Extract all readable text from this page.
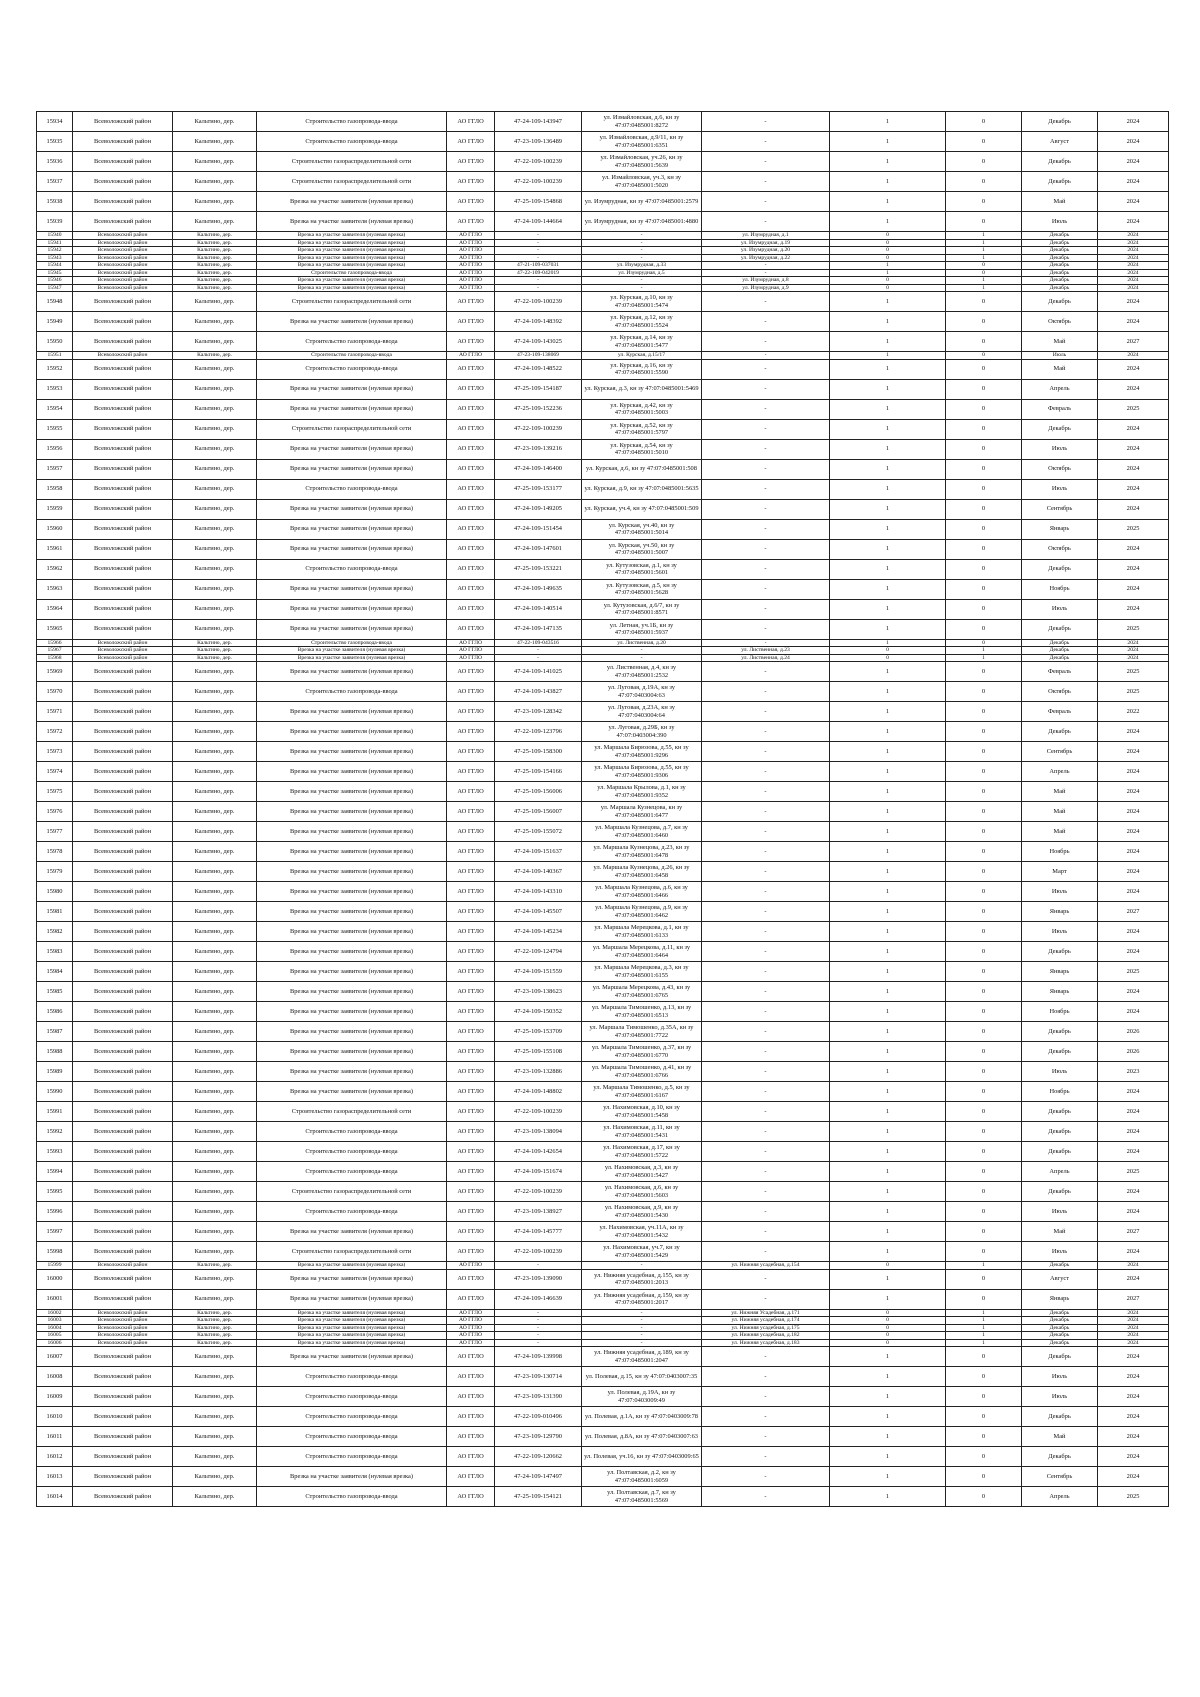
15934	Всеволожский район	Кальтино, дер.	Строительство газопровода-ввода	АО ГГЛО	47-24-109-143947	ул. Измайловская, д.6, кн зу 47:07:0485001:8272	-	1	0	Декабрь	2024
15935	Всеволожский район	Кальтино, дер.	Строительство газопровода-ввода	АО ГГЛО	47-23-109-136489	ул. Измайловская, д.9/11, кн зу 47:07:0485001:6351	-	1	0	Август	2024
15936	Всеволожский район	Кальтино, дер.	Строительство газораспределительной сети	АО ГГЛО	47-22-109-100239	ул. Измайловская, уч.26, кн зу 47:07:0485001:5639	-	1	0	Декабрь	2024
15937	Всеволожский район	Кальтино, дер.	Строительство газораспределительной сети	АО ГГЛО	47-22-109-100239	ул. Измайловская, уч.3, кн зу 47:07:0485001:5020	-	1	0	Декабрь	2024
15938	Всеволожский район	Кальтино, дер.	Врезка на участке заявителя (нулевая врезка)	АО ГГЛО	47-25-109-154868	ул. Изумрудная, кн зу 47:07:0485001:2579	-	1	0	Май	2024
15939	Всеволожский район	Кальтино, дер.	Врезка на участке заявителя (нулевая врезка)	АО ГГЛО	47-24-109-144664	ул. Изумрудная, кн зу 47:07:0485001:4880	-	1	0	Июль	2024
15940	Всеволожский район	Кальтино, дер.	Врезка на участке заявителя (нулевая врезка)	АО ГГЛО	-	-	ул. Изумрудная, д.1	0	1	Декабрь	2024
15941	Всеволожский район	Кальтино, дер.	Врезка на участке заявителя (нулевая врезка)	АО ГГЛО	-	-	ул. Изумрудная, д.19	0	1	Декабрь	2024
15942	Всеволожский район	Кальтино, дер.	Врезка на участке заявителя (нулевая врезка)	АО ГГЛО	-	-	ул. Изумрудная, д.20	0	1	Декабрь	2024
15943	Всеволожский район	Кальтино, дер.	Врезка на участке заявителя (нулевая врезка)	АО ГГЛО	-	-	ул. Изумрудная, д.22	0	1	Декабрь	2024
15944	Всеволожский район	Кальтино, дер.	Врезка на участке заявителя (нулевая врезка)	АО ГГЛО	47-21-109-037031	ул. Изумрудная, д.33	-	1	0	Декабрь	2024
15945	Всеволожский район	Кальтино, дер.	Строительство газопровода-ввода	АО ГГЛО	47-22-109-042019	ул. Изумрудная, д.5	-	1	0	Декабрь	2024
15946	Всеволожский район	Кальтино, дер.	Врезка на участке заявителя (нулевая врезка)	АО ГГЛО	-	-	ул. Изумрудная, д.8	0	1	Декабрь	2024
15947	Всеволожский район	Кальтино, дер.	Врезка на участке заявителя (нулевая врезка)	АО ГГЛО	-	-	ул. Изумрудная, д.9	0	1	Декабрь	2024
15948	Всеволожский район	Кальтино, дер.	Строительство газораспределительной сети	АО ГГЛО	47-22-109-100239	ул. Курская, д.10, кн зу 47:07:0485001:5474	-	1	0	Декабрь	2024
15949	Всеволожский район	Кальтино, дер.	Врезка на участке заявителя (нулевая врезка)	АО ГГЛО	47-24-109-148392	ул. Курская, д.12, кн зу 47:07:0485001:5524	-	1	0	Октябрь	2024
15950	Всеволожский район	Кальтино, дер.	Строительство газопровода-ввода	АО ГГЛО	47-24-109-143025	ул. Курская, д.14, кн зу 47:07:0485001:5477	-	1	0	Май	2027
15951	Всеволожский район	Кальтино, дер.	Строительство газопровода-ввода	АО ГГЛО	47-23-109-138069	ул. Курская, д.15/17	-	1	0	Июль	2024
15952	Всеволожский район	Кальтино, дер.	Строительство газопровода-ввода	АО ГГЛО	47-24-109-148522	ул. Курская, д.16, кн зу 47:07:0485001:5590	-	1	0	Май	2024
15953	Всеволожский район	Кальтино, дер.	Врезка на участке заявителя (нулевая врезка)	АО ГГЛО	47-25-109-154187	ул. Курская, д.3, кн зу 47:07:0485001:5469	-	1	0	Апрель	2024
15954	Всеволожский район	Кальтино, дер.	Врезка на участке заявителя (нулевая врезка)	АО ГГЛО	47-25-109-152236	ул. Курская, д.42, кн зу 47:07:0485001:5003	-	1	0	Февраль	2025
15955	Всеволожский район	Кальтино, дер.	Строительство газораспределительной сети	АО ГГЛО	47-22-109-100239	ул. Курская, д.52, кн зу 47:07:0485001:5797	-	1	0	Декабрь	2024
15956	Всеволожский район	Кальтино, дер.	Врезка на участке заявителя (нулевая врезка)	АО ГГЛО	47-23-109-139216	ул. Курская, д.54, кн зу 47:07:0485001:5010	-	1	0	Июль	2024
15957	Всеволожский район	Кальтино, дер.	Врезка на участке заявителя (нулевая врезка)	АО ГГЛО	47-24-109-146400	ул. Курская, д.6, кн зу 47:07:0485001:508	-	1	0	Октябрь	2024
15958	Всеволожский район	Кальтино, дер.	Строительство газопровода-ввода	АО ГГЛО	47-25-109-153177	ул. Курская, д.9, кн зу 47:07:0485001:5635	-	1	0	Июль	2024
15959	Всеволожский район	Кальтино, дер.	Врезка на участке заявителя (нулевая врезка)	АО ГГЛО	47-24-109-149205	ул. Курская, уч.4, кн зу 47:07:0485001:509	-	1	0	Сентябрь	2024
15960	Всеволожский район	Кальтино, дер.	Врезка на участке заявителя (нулевая врезка)	АО ГГЛО	47-24-109-151454	ул. Курская, уч.40, кн зу 47:07:0485001:5014	-	1	0	Январь	2025
15961	Всеволожский район	Кальтино, дер.	Врезка на участке заявителя (нулевая врезка)	АО ГГЛО	47-24-109-147601	ул. Курская, уч.50, кн зу 47:07:0485001:5007	-	1	0	Октябрь	2024
15962	Всеволожский район	Кальтино, дер.	Строительство газопровода-ввода	АО ГГЛО	47-25-109-153221	ул. Кутузовская, д.1, кн зу 47:07:0485001:5601	-	1	0	Декабрь	2024
15963	Всеволожский район	Кальтино, дер.	Врезка на участке заявителя (нулевая врезка)	АО ГГЛО	47-24-109-149635	ул. Кутузовская, д.5, кн зу 47:07:0485001:5628	-	1	0	Ноябрь	2024
15964	Всеволожский район	Кальтино, дер.	Врезка на участке заявителя (нулевая врезка)	АО ГГЛО	47-24-109-140514	ул. Кутузовская, д.6/7, кн зу 47:07:0485001:8571	-	1	0	Июль	2024
15965	Всеволожский район	Кальтино, дер.	Врезка на участке заявителя (нулевая врезка)	АО ГГЛО	47-24-109-147135	ул. Летная, уч.1Б, кн зу 47:07:0485001:5937	-	1	0	Декабрь	2025
15966	Всеволожский район	Кальтино, дер.	Строительство газопровода-ввода	АО ГГЛО	47-22-109-043516	ул. Лиственная, д.20	-	1	0	Декабрь	2024
15967	Всеволожский район	Кальтино, дер.	Врезка на участке заявителя (нулевая врезка)	АО ГГЛО	-	-	ул. Лиственная, д.23	0	1	Декабрь	2024
15968	Всеволожский район	Кальтино, дер.	Врезка на участке заявителя (нулевая врезка)	АО ГГЛО	-	-	ул. Лиственная, д.24	0	1	Декабрь	2024
15969	Всеволожский район	Кальтино, дер.	Врезка на участке заявителя (нулевая врезка)	АО ГГЛО	47-24-109-141025	ул. Лиственная, д.4, кн зу 47:07:0485001:2532	-	1	0	Февраль	2025
15970	Всеволожский район	Кальтино, дер.	Строительство газопровода-ввода	АО ГГЛО	47-24-109-143827	ул. Луговая, д.19А, кн зу 47:07:0403004:63	-	1	0	Октябрь	2025
15971	Всеволожский район	Кальтино, дер.	Врезка на участке заявителя (нулевая врезка)	АО ГГЛО	47-23-109-128342	ул. Луговая, д.23А, кн зу 47:07:0403004:64	-	1	0	Февраль	2022
15972	Всеволожский район	Кальтино, дер.	Врезка на участке заявителя (нулевая врезка)	АО ГГЛО	47-22-109-123796	ул. Луговая, д.29Б, кн зу 47:07:0403004:390	-	1	0	Декабрь	2024
15973	Всеволожский район	Кальтино, дер.	Врезка на участке заявителя (нулевая врезка)	АО ГГЛО	47-25-109-158300	ул. Маршала Бирюзова, д.55, кн зу 47:07:0485001:9296	-	1	0	Сентябрь	2024
15974	Всеволожский район	Кальтино, дер.	Врезка на участке заявителя (нулевая врезка)	АО ГГЛО	47-25-109-154166	ул. Маршала Бирюзова, д.55, кн зу 47:07:0485001:9306	-	1	0	Апрель	2024
15975	Всеволожский район	Кальтино, дер.	Врезка на участке заявителя (нулевая врезка)	АО ГГЛО	47-25-109-156006	ул. Маршала Крылова, д.1, кн зу 47:07:0485001:9352	-	1	0	Май	2024
15976	Всеволожский район	Кальтино, дер.	Врезка на участке заявителя (нулевая врезка)	АО ГГЛО	47-25-109-156007	ул. Маршала Кузнецова, кн зу 47:07:0485001:6477	-	1	0	Май	2024
15977	Всеволожский район	Кальтино, дер.	Врезка на участке заявителя (нулевая врезка)	АО ГГЛО	47-25-109-155072	ул. Маршала Кузнецова, д.7, кн зу 47:07:0485001:6460	-	1	0	Май	2024
15978	Всеволожский район	Кальтино, дер.	Врезка на участке заявителя (нулевая врезка)	АО ГГЛО	47-24-109-151637	ул. Маршала Кузнецова, д.23, кн зу 47:07:0485001:6478	-	1	0	Ноябрь	2024
15979	Всеволожский район	Кальтино, дер.	Врезка на участке заявителя (нулевая врезка)	АО ГГЛО	47-24-109-140367	ул. Маршала Кузнецова, д.26, кн зу 47:07:0485001:6458	-	1	0	Март	2024
15980	Всеволожский район	Кальтино, дер.	Врезка на участке заявителя (нулевая врезка)	АО ГГЛО	47-24-109-143310	ул. Маршала Кузнецова, д.6, кн зу 47:07:0485001:6466	-	1	0	Июль	2024
15981	Всеволожский район	Кальтино, дер.	Врезка на участке заявителя (нулевая врезка)	АО ГГЛО	47-24-109-145507	ул. Маршала Кузнецова, д.9, кн зу 47:07:0485001:6462	-	1	0	Январь	2027
15982	Всеволожский район	Кальтино, дер.	Врезка на участке заявителя (нулевая врезка)	АО ГГЛО	47-24-109-145234	ул. Маршала Мерецкова, д.1, кн зу 47:07:0485001:6133	-	1	0	Июль	2024
15983	Всеволожский район	Кальтино, дер.	Врезка на участке заявителя (нулевая врезка)	АО ГГЛО	47-22-109-124794	ул. Маршала Мерецкова, д.11, кн зу 47:07:0485001:6464	-	1	0	Декабрь	2024
15984	Всеволожский район	Кальтино, дер.	Врезка на участке заявителя (нулевая врезка)	АО ГГЛО	47-24-109-151559	ул. Маршала Мерецкова, д.3, кн зу 47:07:0485001:6155	-	1	0	Январь	2025
15985	Всеволожский район	Кальтино, дер.	Врезка на участке заявителя (нулевая врезка)	АО ГГЛО	47-23-109-138623	ул. Маршала Мерецкова, д.43, кн зу 47:07:0485001:6765	-	1	0	Январь	2024
15986	Всеволожский район	Кальтино, дер.	Врезка на участке заявителя (нулевая врезка)	АО ГГЛО	47-24-109-150352	ул. Маршала Тимошенко, д.13, кн зу 47:07:0485001:6513	-	1	0	Ноябрь	2024
15987	Всеволожский район	Кальтино, дер.	Врезка на участке заявителя (нулевая врезка)	АО ГГЛО	47-25-109-153709	ул. Маршала Тимошенко, д.35А, кн зу 47:07:0485001:7722	-	1	0	Декабрь	2026
15988	Всеволожский район	Кальтино, дер.	Врезка на участке заявителя (нулевая врезка)	АО ГГЛО	47-25-109-155108	ул. Маршала Тимошенко, д.37, кн зу 47:07:0485001:6770	-	1	0	Декабрь	2026
15989	Всеволожский район	Кальтино, дер.	Врезка на участке заявителя (нулевая врезка)	АО ГГЛО	47-23-109-132886	ул. Маршала Тимошенко, д.41, кн зу 47:07:0485001:6766	-	1	0	Июль	2023
15990	Всеволожский район	Кальтино, дер.	Врезка на участке заявителя (нулевая врезка)	АО ГГЛО	47-24-109-148802	ул. Маршала Тимошенко, д.5, кн зу 47:07:0485001:6167	-	1	0	Ноябрь	2024
15991	Всеволожский район	Кальтино, дер.	Строительство газораспределительной сети	АО ГГЛО	47-22-109-100239	ул. Нахимовская, д.10, кн зу 47:07:0485001:5458	-	1	0	Декабрь	2024
15992	Всеволожский район	Кальтино, дер.	Строительство газопровода-ввода	АО ГГЛО	47-23-109-138094	ул. Нахимовская, д.11, кн зу 47:07:0485001:5431	-	1	0	Декабрь	2024
15993	Всеволожский район	Кальтино, дер.	Строительство газопровода-ввода	АО ГГЛО	47-24-109-142654	ул. Нахимовская, д.17, кн зу 47:07:0485001:5722	-	1	0	Декабрь	2024
15994	Всеволожский район	Кальтино, дер.	Строительство газопровода-ввода	АО ГГЛО	47-24-109-151674	ул. Нахимовская, д.3, кн зу 47:07:0485001:5427	-	1	0	Апрель	2025
15995	Всеволожский район	Кальтино, дер.	Строительство газораспределительной сети	АО ГГЛО	47-22-109-100239	ул. Нахимовская, д.6, кн зу 47:07:0485001:5603	-	1	0	Декабрь	2024
15996	Всеволожский район	Кальтино, дер.	Строительство газопровода-ввода	АО ГГЛО	47-23-109-138927	ул. Нахимовская, д.9, кн зу 47:07:0485001:5430	-	1	0	Июль	2024
15997	Всеволожский район	Кальтино, дер.	Врезка на участке заявителя (нулевая врезка)	АО ГГЛО	47-24-109-145777	ул. Нахимовская, уч.11А, кн зу 47:07:0485001:5432	-	1	0	Май	2027
15998	Всеволожский район	Кальтино, дер.	Строительство газораспределительной сети	АО ГГЛО	47-22-109-100239	ул. Нахимовская, уч.7, кн зу 47:07:0485001:5429	-	1	0	Июль	2024
15999	Всеволожский район	Кальтино, дер.	Врезка на участке заявителя (нулевая врезка)	АО ГГЛО	-	-	ул. Нижняя усадебная, д.154	0	1	Декабрь	2024
16000	Всеволожский район	Кальтино, дер.	Врезка на участке заявителя (нулевая врезка)	АО ГГЛО	47-23-109-139090	ул. Нижняя усадебная, д.155, кн зу 47:07:0485001:2013	-	1	0	Август	2024
16001	Всеволожский район	Кальтино, дер.	Врезка на участке заявителя (нулевая врезка)	АО ГГЛО	47-24-109-146639	ул. Нижняя усадебная, д.159, кн зу 47:07:0485001:2017	-	1	0	Январь	2027
16002	Всеволожский район	Кальтино, дер.	Врезка на участке заявителя (нулевая врезка)	АО ГГЛО	-	-	ул. Нижняя Усадебная, д.171	0	1	Декабрь	2024
16003	Всеволожский район	Кальтино, дер.	Врезка на участке заявителя (нулевая врезка)	АО ГГЛО	-	-	ул. Нижняя усадебная, д.174	0	1	Декабрь	2024
16004	Всеволожский район	Кальтино, дер.	Врезка на участке заявителя (нулевая врезка)	АО ГГЛО	-	-	ул. Нижняя усадебная, д.175	0	1	Декабрь	2024
16005	Всеволожский район	Кальтино, дер.	Врезка на участке заявителя (нулевая врезка)	АО ГГЛО	-	-	ул. Нижняя усадебная, д.182	0	1	Декабрь	2024
16006	Всеволожский район	Кальтино, дер.	Врезка на участке заявителя (нулевая врезка)	АО ГГЛО	-	-	ул. Нижняя усадебная, д.183	0	1	Декабрь	2024
16007	Всеволожский район	Кальтино, дер.	Врезка на участке заявителя (нулевая врезка)	АО ГГЛО	47-24-109-139998	ул. Нижняя усадебная, д.189, кн зу 47:07:0485001:2047	-	1	0	Декабрь	2024
16008	Всеволожский район	Кальтино, дер.	Строительство газопровода-ввода	АО ГГЛО	47-23-109-130714	ул. Полевая, д.15, кн зу 47:07:0403007:35	-	1	0	Июль	2024
16009	Всеволожский район	Кальтино, дер.	Строительство газопровода-ввода	АО ГГЛО	47-23-109-131390	ул. Полевая, д.19А, кн зу 47:07:0403009:49	-	1	0	Июль	2024
16010	Всеволожский район	Кальтино, дер.	Строительство газопровода-ввода	АО ГГЛО	47-22-109-010496	ул. Полевая, д.1А, кн зу 47:07:0403009:78	-	1	0	Декабрь	2024
16011	Всеволожский район	Кальтино, дер.	Строительство газопровода-ввода	АО ГГЛО	47-23-109-129790	ул. Полевая, д.8А, кн зу 47:07:0403007:63	-	1	0	Май	2024
16012	Всеволожский район	Кальтино, дер.	Строительство газопровода-ввода	АО ГГЛО	47-22-109-120662	ул. Полевая, уч.16, кн зу 47:07:0403009:65	-	1	0	Декабрь	2024
16013	Всеволожский район	Кальтино, дер.	Врезка на участке заявителя (нулевая врезка)	АО ГГЛО	47-24-109-147497	ул. Полтавская, д.2, кн зу 47:07:0485001:6059	-	1	0	Сентябрь	2024
16014	Всеволожский район	Кальтино, дер.	Строительство газопровода-ввода	АО ГГЛО	47-25-109-154121	ул. Полтавская, д.7, кн зу 47:07:0485001:5569	-	1	0	Апрель	2025
